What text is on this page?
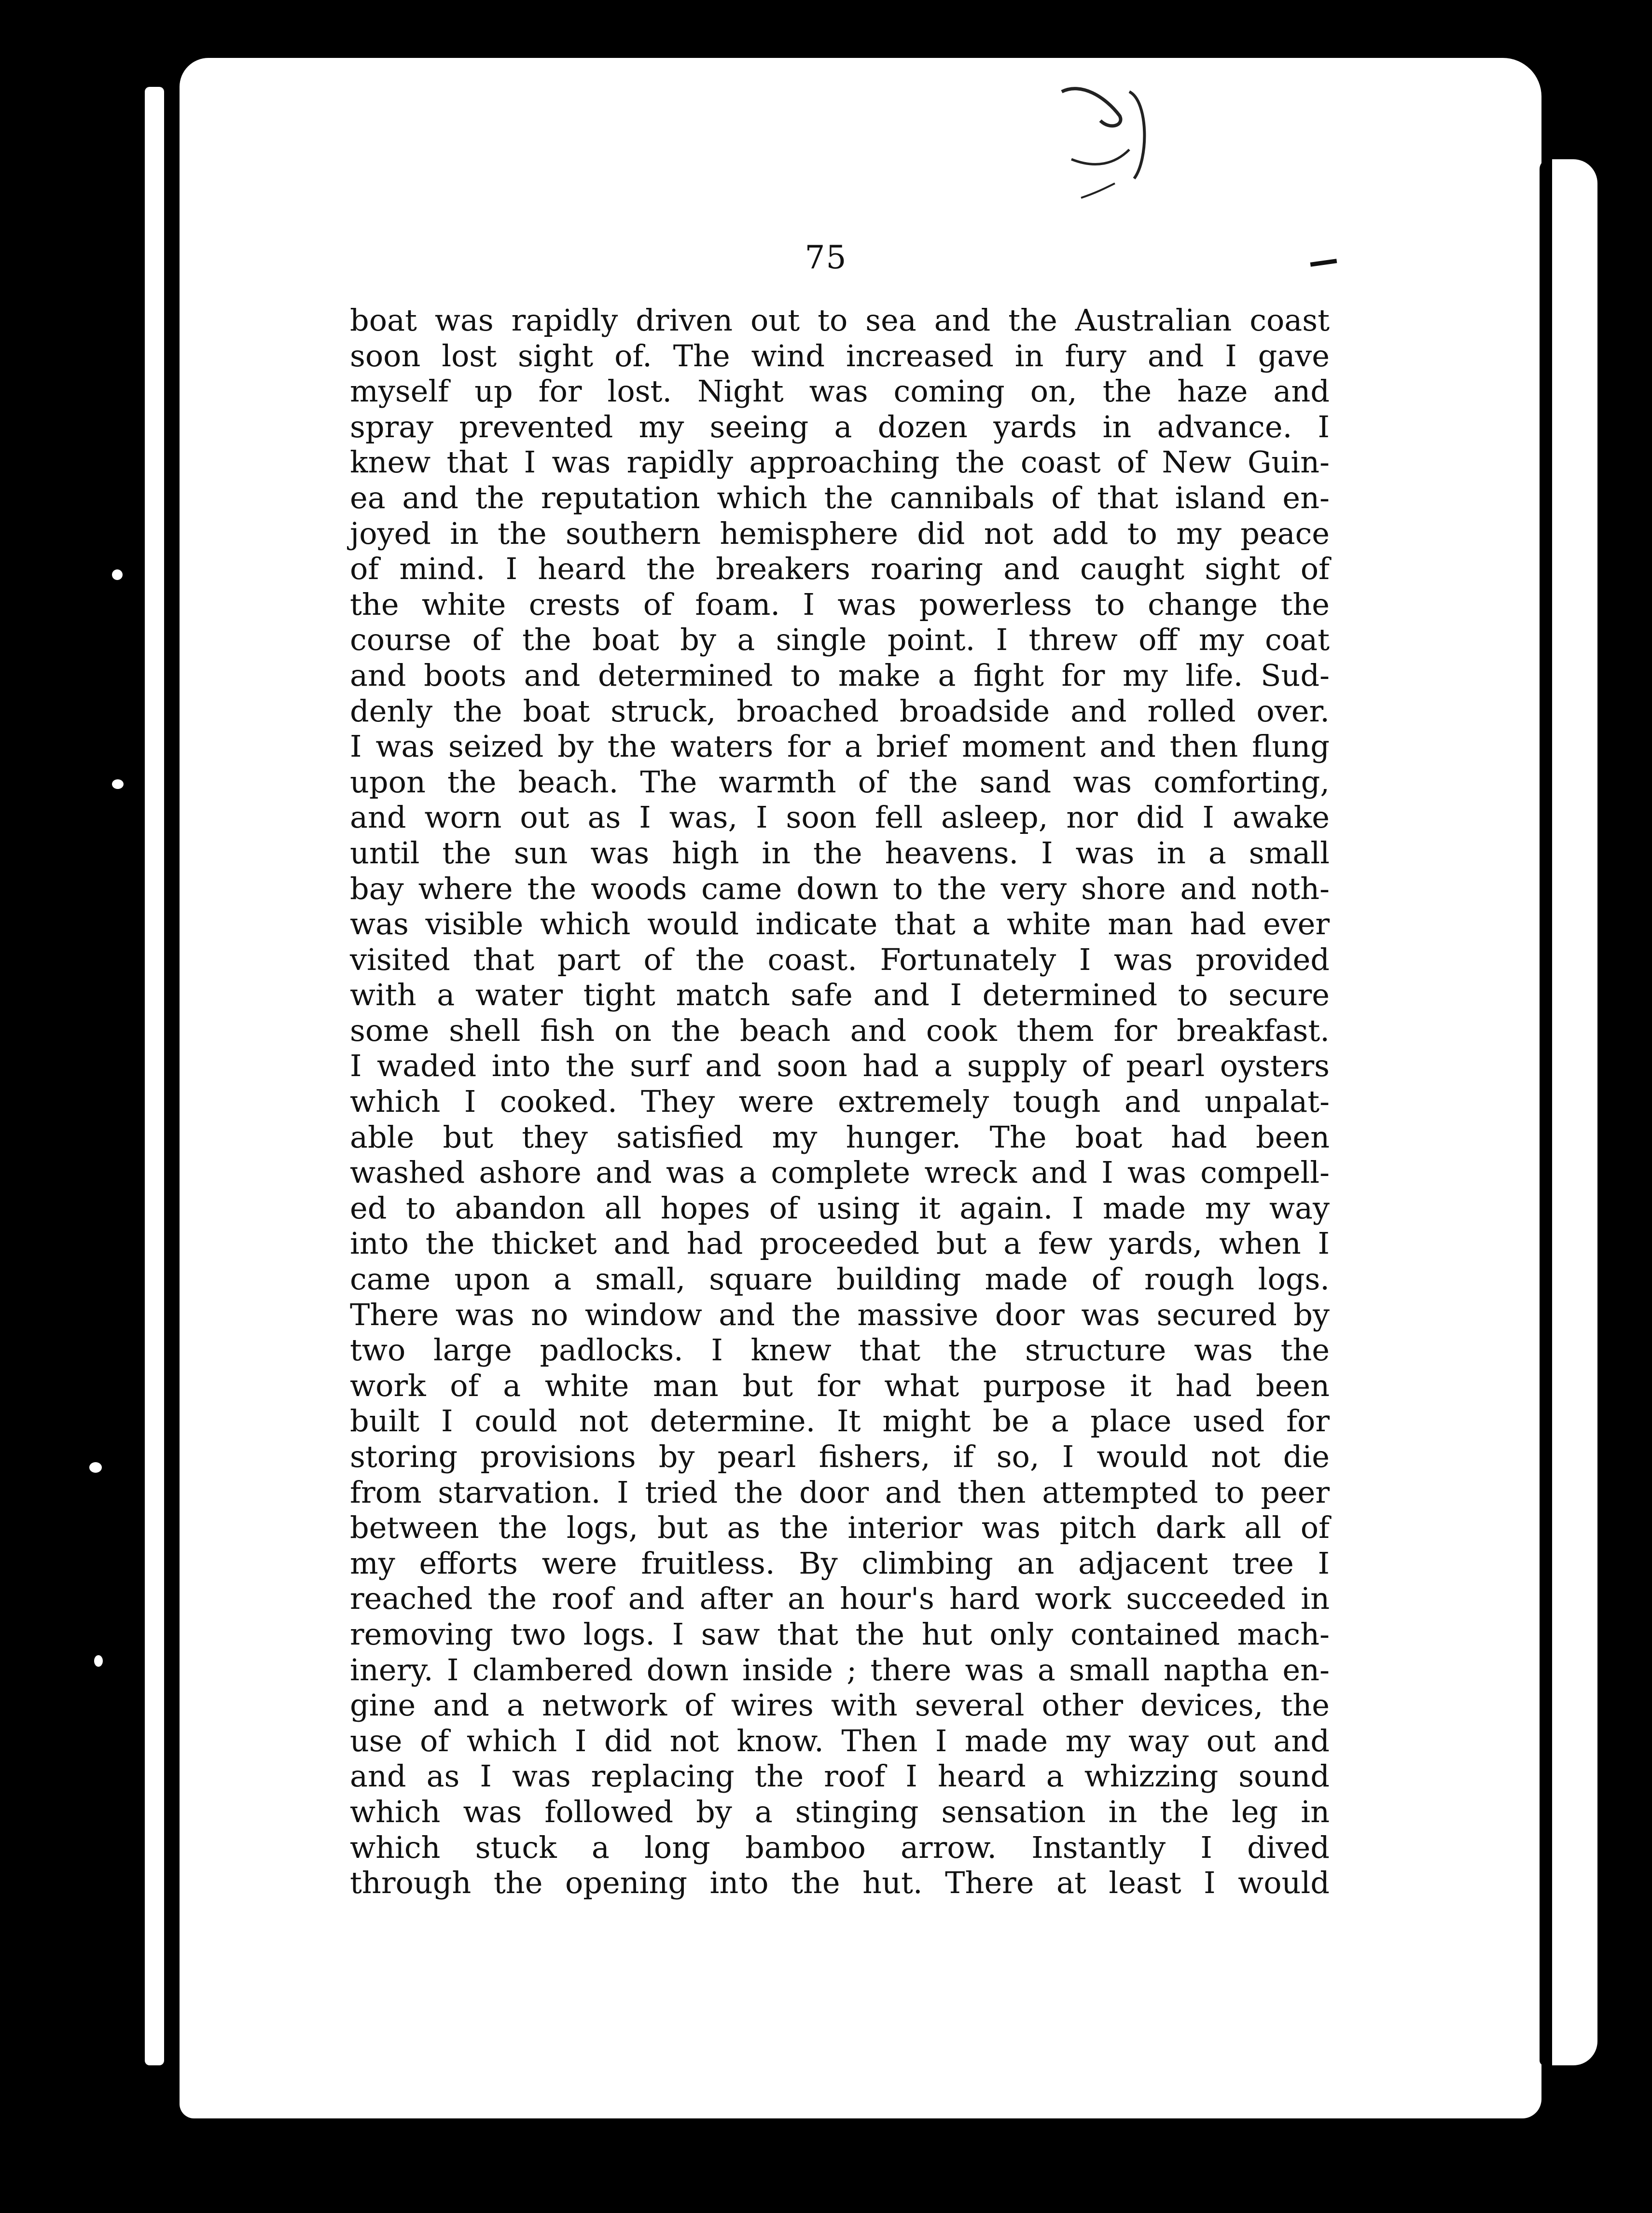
75
boat was rapidly driven out to sea and the Australian coast
soon lost sight of. The wind increased in fury and I gave
myself up for lost. Night was coming on, the haze and
spray prevented my seeing a dozen yards in advance. I
knew that I was rapidly approaching the coast of New Guin-
ea and the reputation which the cannibals of that island en-
joyed in the southern hemisphere did not add to my peace
of mind. I heard the breakers roaring and caught sight of
the white crests of foam. I was powerless to change the
course of the boat by a single point. I threw off my coat
and boots and determined to make a fight for my life. Sud-
denly the boat struck, broached broadside and rolled over.
I was seized by the waters for a brief moment and then flung
upon the beach. The warmth of the sand was comforting,
and worn out as I was, I soon fell asleep, nor did I awake
until the sun was high in the heavens. I was in a small
bay where the woods came down to the very shore and noth-
was visible which would indicate that a white man had ever
visited that part of the coast. Fortunately I was provided
with a water tight match safe and I determined to secure
some shell fish on the beach and cook them for breakfast.
I waded into the surf and soon had a supply of pearl oysters
which I cooked. They were extremely tough and unpalat-
able but they satisfied my hunger. The boat had been
washed ashore and was a complete wreck and I was compell-
ed to abandon all hopes of using it again. I made my way
into the thicket and had proceeded but a few yards, when I
came upon a small, square building made of rough logs.
There was no window and the massive door was secured by
two large padlocks. I knew that the structure was the
work of a white man but for what purpose it had been
built I could not determine. It might be a place used for
storing provisions by pearl fishers, if so, I would not die
from starvation. I tried the door and then attempted to peer
between the logs, but as the interior was pitch dark all of
my efforts were fruitless. By climbing an adjacent tree I
reached the roof and after an hour's hard work succeeded in
removing two logs. I saw that the hut only contained mach-
inery. I clambered down inside ; there was a small naptha en-
gine and a network of wires with several other devices, the
use of which I did not know. Then I made my way out and
and as I was replacing the roof I heard a whizzing sound
which was followed by a stinging sensation in the leg in
which stuck a long bamboo arrow. Instantly I dived
through the opening into the hut. There at least I would
